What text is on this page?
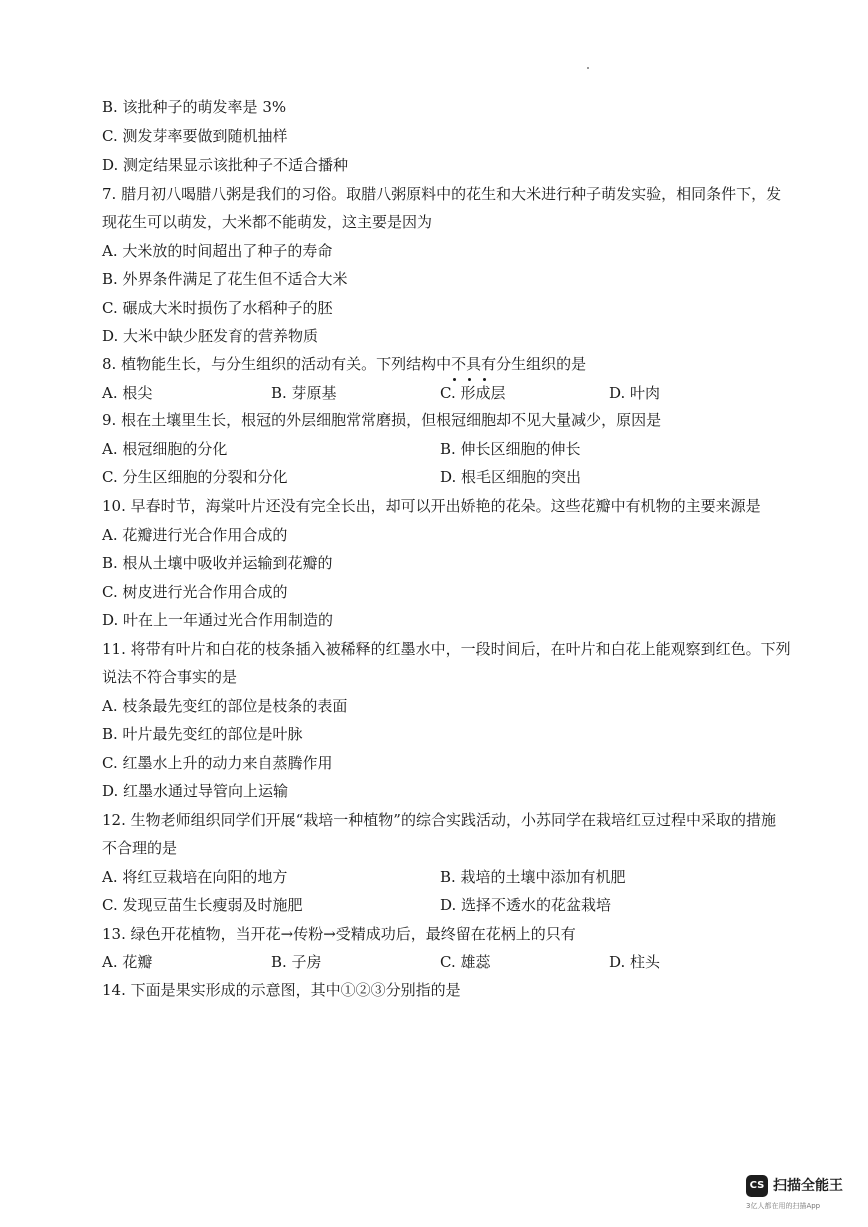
B. 该批种子的萌发率是 3%
C. 测发芽率要做到随机抽样
D. 测定结果显示该批种子不适合播种
7. 腊月初八喝腊八粥是我们的习俗。取腊八粥原料中的花生和大米进行种子萌发实验，相同条件下，发
现花生可以萌发，大米都不能萌发，这主要是因为
A. 大米放的时间超出了种子的寿命
B. 外界条件满足了花生但不适合大米
C. 碾成大米时损伤了水稻种子的胚
D. 大米中缺少胚发育的营养物质
8. 植物能生长，与分生组织的活动有关。下列结构中不具有分生组织的是
A. 根尖	B. 芽原基	C. 形成层	D. 叶肉
9. 根在土壤里生长，根冠的外层细胞常常磨损，但根冠细胞却不见大量减少，原因是
A. 根冠细胞的分化	B. 伸长区细胞的伸长
C. 分生区细胞的分裂和分化	D. 根毛区细胞的突出
10. 早春时节，海棠叶片还没有完全长出，却可以开出娇艳的花朵。这些花瓣中有机物的主要来源是
A. 花瓣进行光合作用合成的
B. 根从土壤中吸收并运输到花瓣的
C. 树皮进行光合作用合成的
D. 叶在上一年通过光合作用制造的
11. 将带有叶片和白花的枝条插入被稀释的红墨水中，一段时间后，在叶片和白花上能观察到红色。下列
说法不符合事实的是
A. 枝条最先变红的部位是枝条的表面
B. 叶片最先变红的部位是叶脉
C. 红墨水上升的动力来自蒸腾作用
D. 红墨水通过导管向上运输
12. 生物老师组织同学们开展“栽培一种植物”的综合实践活动，小苏同学在栽培红豆过程中采取的措施
不合理的是
A. 将红豆栽培在向阳的地方	B. 栽培的土壤中添加有机肥
C. 发现豆苗生长瘦弱及时施肥	D. 选择不透水的花盆栽培
13. 绿色开花植物，当开花→传粉→受精成功后，最终留在花柄上的只有
A. 花瓣	B. 子房	C. 雄蕊	D. 柱头
14. 下面是果实形成的示意图，其中①②③分别指的是
CS 扫描全能王
3亿人都在用的扫描App
